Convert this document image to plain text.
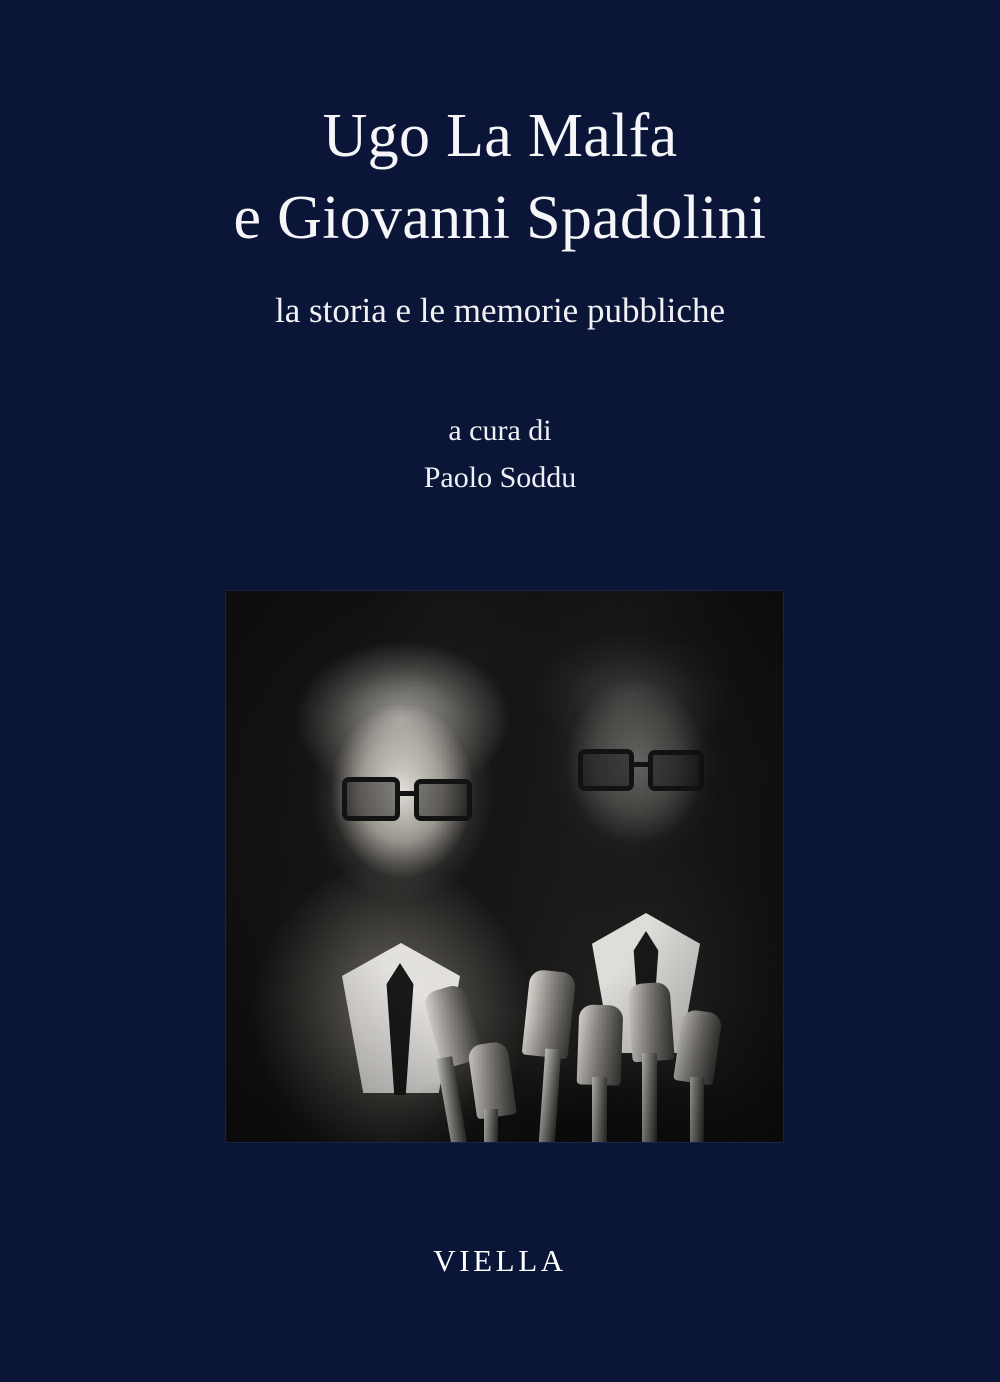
Ugo La Malfa
e Giovanni Spadolini
la storia e le memorie pubbliche
a cura di
Paolo Soddu
VIELLA
